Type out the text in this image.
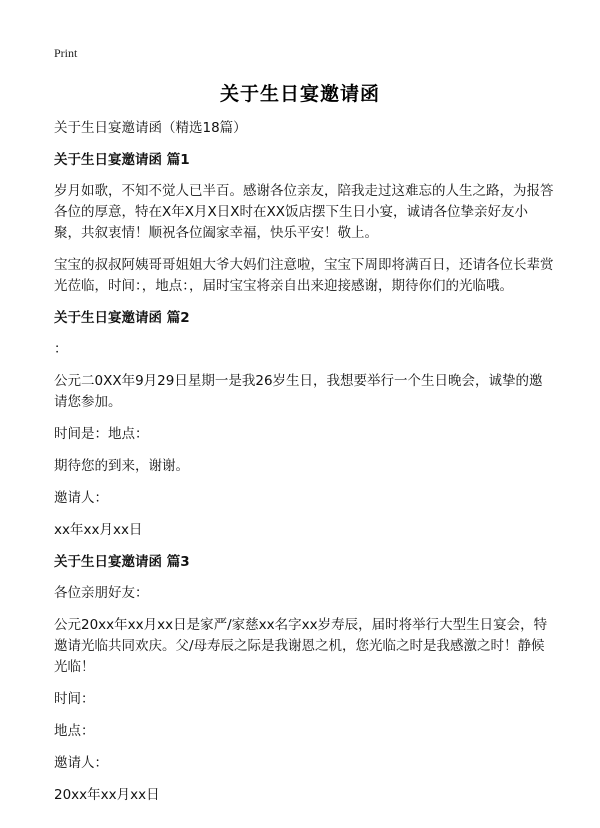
Print
关于生日宴邀请函

关于生日宴邀请函（精选18篇）

关于生日宴邀请函 篇1

岁月如歌，不知不觉人已半百。感谢各位亲友，陪我走过这难忘的人生之路，为报答各位的厚意，特在X年X月X日X时在XX饭店摆下生日小宴，诚请各位挚亲好友小聚，共叙衷情！顺祝各位阖家幸福，快乐平安！敬上。

宝宝的叔叔阿姨哥哥姐姐大爷大妈们注意啦，宝宝下周即将满百日，还请各位长辈赏光莅临，时间：，地点：，届时宝宝将亲自出来迎接感谢，期待你们的光临哦。

关于生日宴邀请函 篇2

：

公元二0XX年9月29日星期一是我26岁生日，我想要举行一个生日晚会，诚挚的邀请您参加。

时间是：地点：

期待您的到来，谢谢。

邀请人：

xx年xx月xx日

关于生日宴邀请函 篇3

各位亲朋好友：

公元20xx年xx月xx日是家严/家慈xx名字xx岁寿辰，届时将举行大型生日宴会，特邀请光临共同欢庆。父/母寿辰之际是我谢恩之机，您光临之时是我感激之时！静候光临！

时间：

地点：

邀请人：

20xx年xx月xx日
